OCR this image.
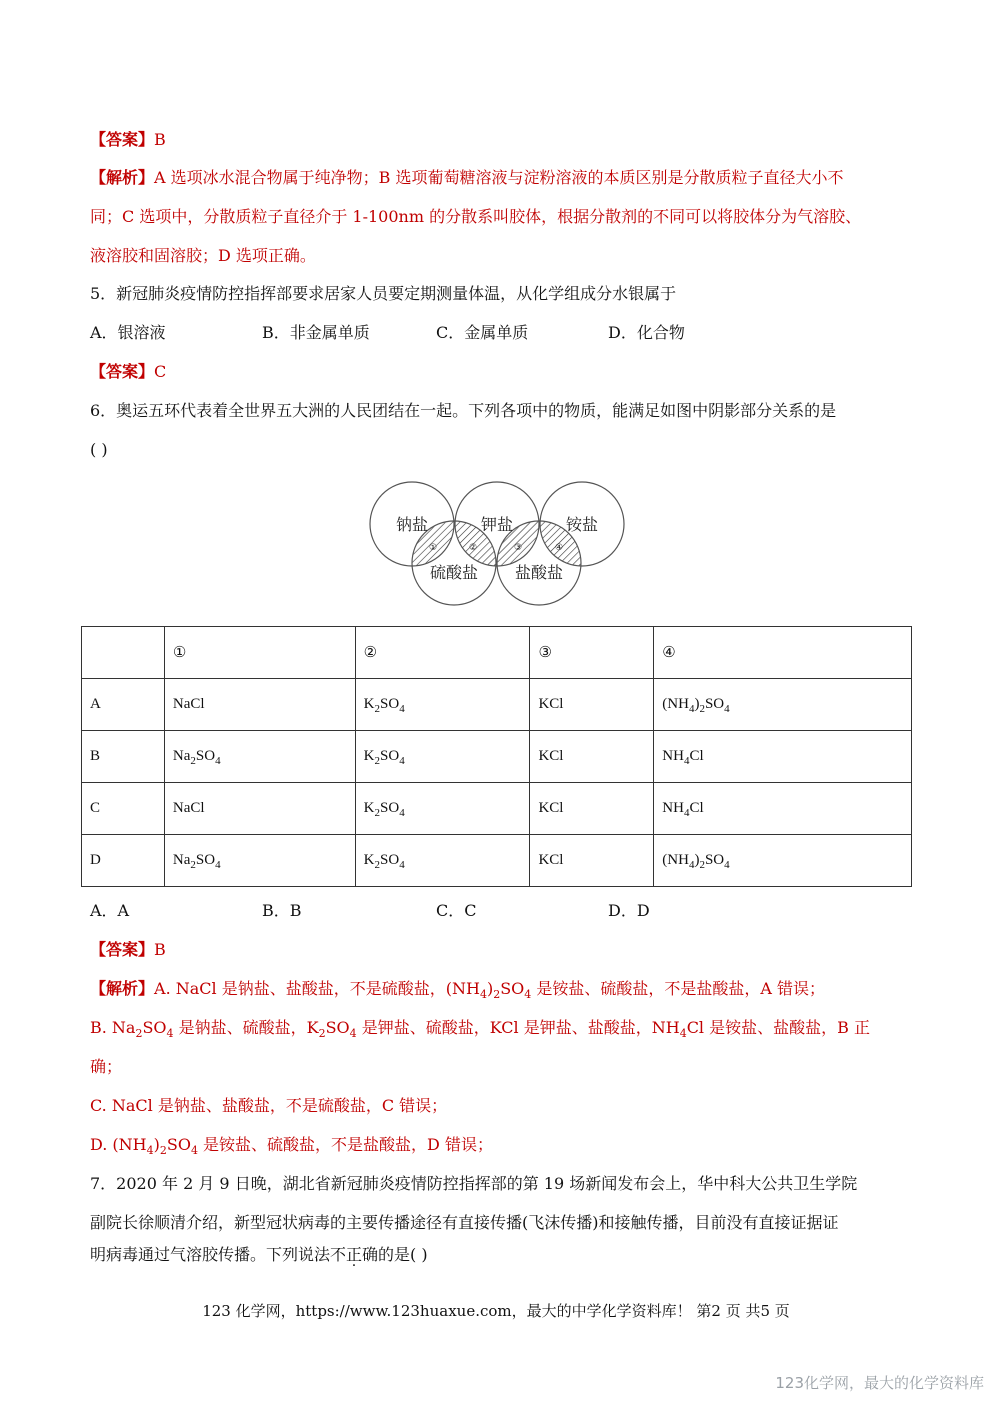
【答案】B
【解析】A 选项冰水混合物属于纯净物；B 选项葡萄糖溶液与淀粉溶液的本质区别是分散质粒子直径大小不
同；C 选项中，分散质粒子直径介于 1-100nm 的分散系叫胶体，根据分散剂的不同可以将胶体分为气溶胶、
液溶胶和固溶胶；D 选项正确。
5．新冠肺炎疫情防控指挥部要求居家人员要定期测量体温，从化学组成分水银属于
A．银溶液	B．非金属单质	C．金属单质	D．化合物
【答案】C
6．奥运五环代表着全世界五大洲的人民团结在一起。下列各项中的物质，能满足如图中阴影部分关系的是
( )
钠盐	钾盐	铵盐
硫酸盐 盐酸盐
①	②	③	④
	①	②	③	④
A	NaCl	$K_2SO_4$	KCl	$(NH_4)_2SO_4$
B	$Na_2SO_4$	$K_2SO_4$	KCl	$NH_4Cl$
C	NaCl	$K_2SO_4$	KCl	$NH_4Cl$
D	$Na_2SO_4$	$K_2SO_4$	KCl	$(NH_4)_2SO_4$
A．A	B．B	C．C	D．D
【答案】B
【解析】A. NaCl 是钠盐、盐酸盐，不是硫酸盐，$(NH_4)_2SO_4$ 是铵盐、硫酸盐，不是盐酸盐，A 错误；
B. $Na_2SO_4$ 是钠盐、硫酸盐，$K_2SO_4$ 是钾盐、硫酸盐，KCl 是钾盐、盐酸盐，$NH_4Cl$ 是铵盐、盐酸盐，B 正
确；
C. NaCl 是钠盐、盐酸盐，不是硫酸盐，C 错误；
D. $(NH_4)_2SO_4$ 是铵盐、硫酸盐，不是盐酸盐，D 错误；
7．2020 年 2 月 9 日晚，湖北省新冠肺炎疫情防控指挥部的第 19 场新闻发布会上，华中科大公共卫生学院
副院长徐顺清介绍，新型冠状病毒的主要传播途径有直接传播(飞沫传播)和接触传播，目前没有直接证据证
明病毒通过气溶胶传播。下列说法不正确的是( )
123 化学网，https://www.123huaxue.com，最大的中学化学资料库！ 第2 页 共5 页
123化学网，最大的化学资料库
